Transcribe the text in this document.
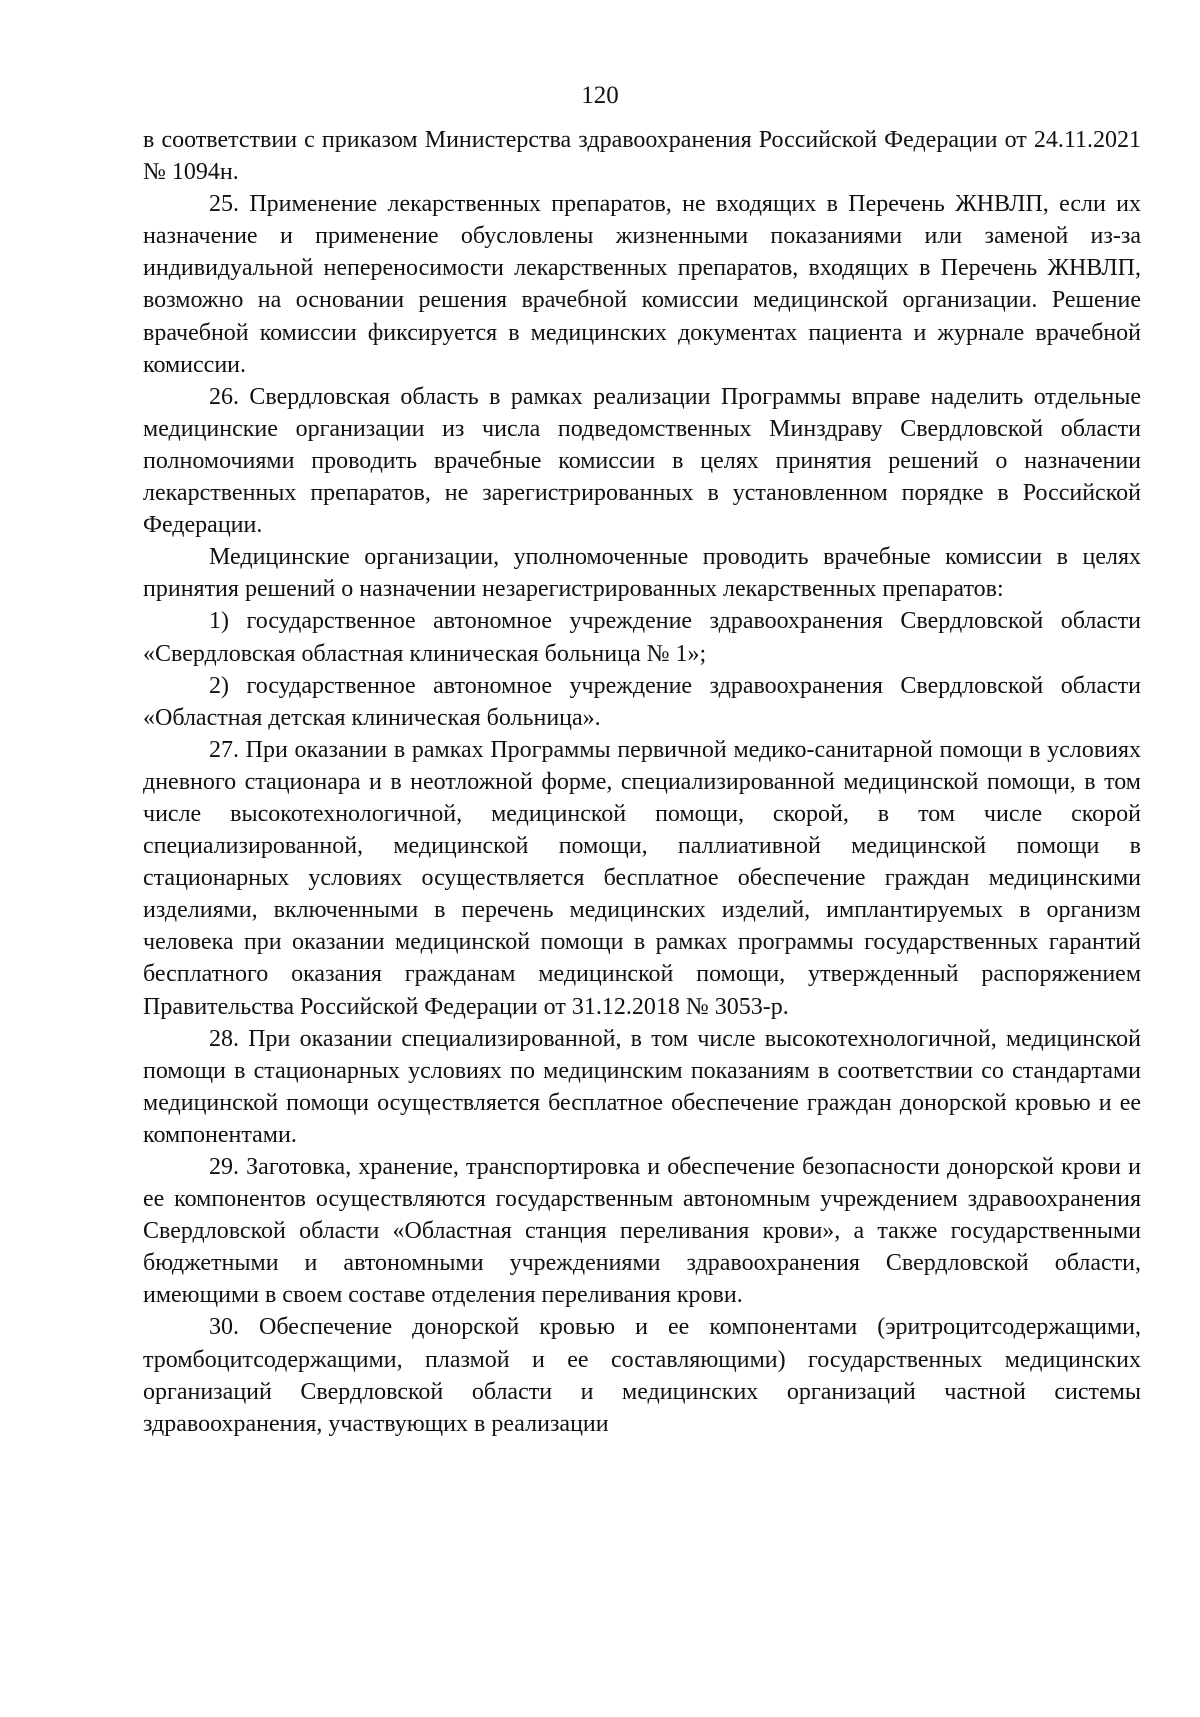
120

в соответствии с приказом Министерства здравоохранения Российской Федерации от 24.11.2021 № 1094н.

25. Применение лекарственных препаратов, не входящих в Перечень ЖНВЛП, если их назначение и применение обусловлены жизненными показаниями или заменой из-за индивидуальной непереносимости лекарственных препаратов, входящих в Перечень ЖНВЛП, возможно на основании решения врачебной комиссии медицинской организации. Решение врачебной комиссии фиксируется в медицинских документах пациента и журнале врачебной комиссии.

26. Свердловская область в рамках реализации Программы вправе наделить отдельные медицинские организации из числа подведомственных Минздраву Свердловской области полномочиями проводить врачебные комиссии в целях принятия решений о назначении лекарственных препаратов, не зарегистрированных в установленном порядке в Российской Федерации.

Медицинские организации, уполномоченные проводить врачебные комиссии в целях принятия решений о назначении незарегистрированных лекарственных препаратов:

1) государственное автономное учреждение здравоохранения Свердловской области «Свердловская областная клиническая больница № 1»;

2) государственное автономное учреждение здравоохранения Свердловской области «Областная детская клиническая больница».

27. При оказании в рамках Программы первичной медико-санитарной помощи в условиях дневного стационара и в неотложной форме, специализированной медицинской помощи, в том числе высокотехнологичной, медицинской помощи, скорой, в том числе скорой специализированной, медицинской помощи, паллиативной медицинской помощи в стационарных условиях осуществляется бесплатное обеспечение граждан медицинскими изделиями, включенными в перечень медицинских изделий, имплантируемых в организм человека при оказании медицинской помощи в рамках программы государственных гарантий бесплатного оказания гражданам медицинской помощи, утвержденный распоряжением Правительства Российской Федерации от 31.12.2018 № 3053-р.

28. При оказании специализированной, в том числе высокотехнологичной, медицинской помощи в стационарных условиях по медицинским показаниям в соответствии со стандартами медицинской помощи осуществляется бесплатное обеспечение граждан донорской кровью и ее компонентами.

29. Заготовка, хранение, транспортировка и обеспечение безопасности донорской крови и ее компонентов осуществляются государственным автономным учреждением здравоохранения Свердловской области «Областная станция переливания крови», а также государственными бюджетными и автономными учреждениями здравоохранения Свердловской области, имеющими в своем составе отделения переливания крови.

30. Обеспечение донорской кровью и ее компонентами (эритроцитсодержащими, тромбоцитсодержащими, плазмой и ее составляющими) государственных медицинских организаций Свердловской области и медицинских организаций частной системы здравоохранения, участвующих в реализации
